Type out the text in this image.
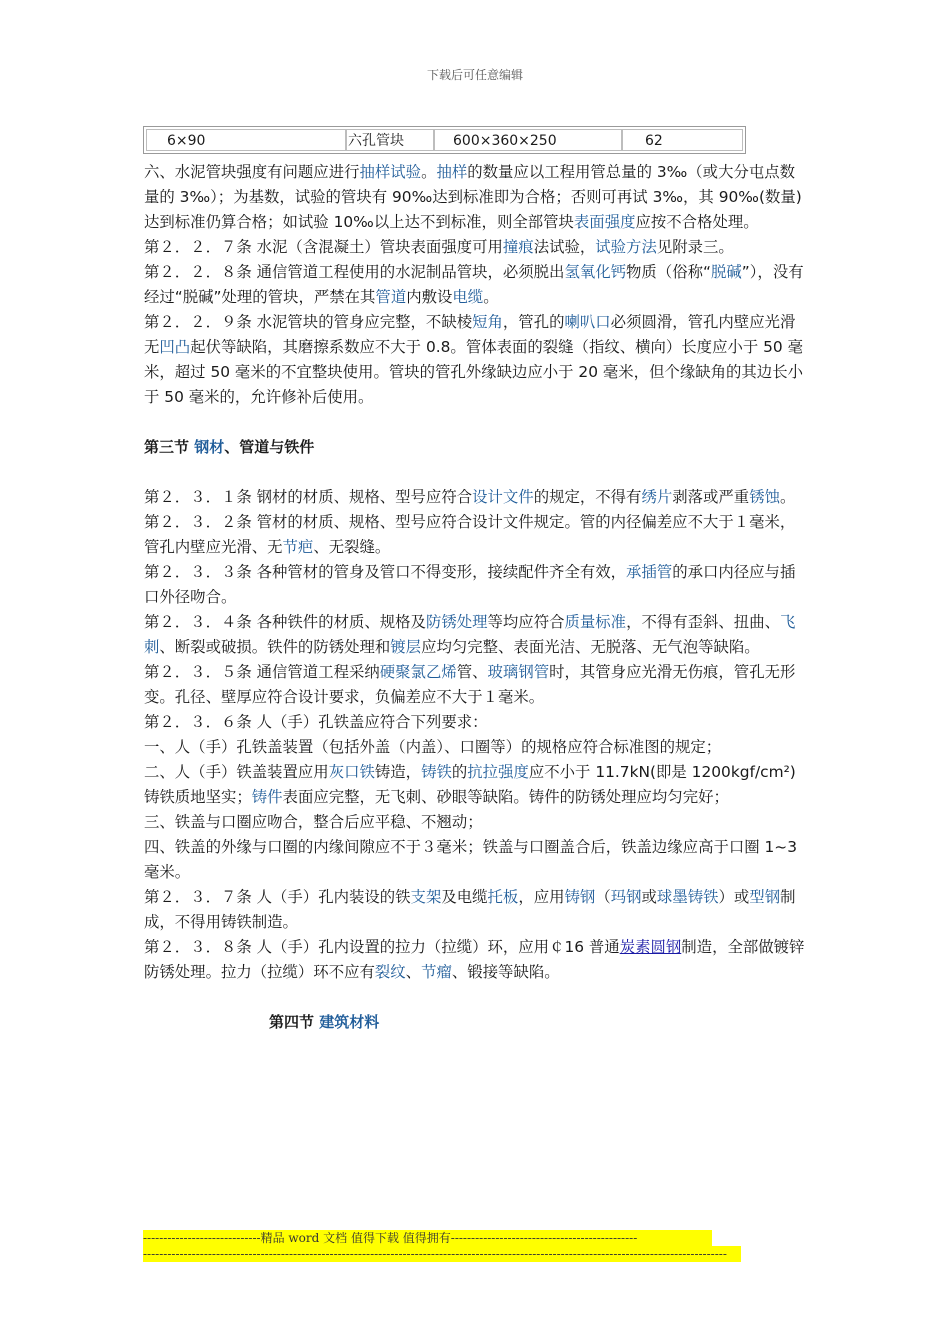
下载后可任意编辑
6×90	六孔管块	600×360×250	62

六、水泥管块强度有问题应进行抽样试验。抽样的数量应以工程用管总量的 3‰（或大分屯点数量的 3‰）；为基数，试验的管块有 90‰达到标准即为合格；否则可再试 3‰，其 90‰(数量)达到标准仍算合格；如试验 10‰以上达不到标准，则全部管块表面强度应按不合格处理。

第２．２．７条 水泥（含混凝土）管块表面强度可用撞痕法试验，试验方法见附录三。

第２．２．８条 通信管道工程使用的水泥制品管块，必须脱出氢氧化钙物质（俗称“脱碱”），没有经过“脱碱”处理的管块，严禁在其管道内敷设电缆。

第２．２．９条 水泥管块的管身应完整，不缺棱短角，管孔的喇叭口必须圆滑，管孔内壁应光滑无凹凸起伏等缺陷，其磨擦系数应不大于 0.8。管体表面的裂缝（指纹、横向）长度应小于 50 毫米，超过 50 毫米的不宜整块使用。管块的管孔外缘缺边应小于 20 毫米，但个缘缺角的其边长小于 50 毫米的，允许修补后使用。

第三节 钢材、管道与铁件

第２．３．１条 钢材的材质、规格、型号应符合设计文件的规定，不得有绣片剥落或严重锈蚀。

第２．３．２条 管材的材质、规格、型号应符合设计文件规定。管的内径偏差应不大于１毫米，管孔内壁应光滑、无节疤、无裂缝。

第２．３．３条 各种管材的管身及管口不得变形，接续配件齐全有效，承插管的承口内径应与插口外径吻合。

第２．３．４条 各种铁件的材质、规格及防锈处理等均应符合质量标准，不得有歪斜、扭曲、飞刺、断裂或破损。铁件的防锈处理和镀层应均匀完整、表面光洁、无脱落、无气泡等缺陷。

第２．３．５条 通信管道工程采纳硬聚氯乙烯管、玻璃钢管时，其管身应光滑无伤痕，管孔无形变。孔径、壁厚应符合设计要求，负偏差应不大于１毫米。

第２．３．６条 人（手）孔铁盖应符合下列要求：

一、人（手）孔铁盖装置（包括外盖（内盖）、口圈等）的规格应符合标准图的规定；

二、人（手）铁盖装置应用灰口铁铸造，铸铁的抗拉强度应不小于 11.7kN(即是 1200kgf/cm²)铸铁质地坚实；铸件表面应完整，无飞刺、砂眼等缺陷。铸件的防锈处理应均匀完好；

三、铁盖与口圈应吻合，整合后应平稳、不翘动；

四、铁盖的外缘与口圈的内缘间隙应不于３毫米；铁盖与口圈盖合后，铁盖边缘应高于口圈 1~3 毫米。

第２．３．７条 人（手）孔内装设的铁支架及电缆托板，应用铸钢（玛钢或球墨铸铁）或型钢制成，不得用铸铁制造。

第２．３．８条 人（手）孔内设置的拉力（拉缆）环，应用￠16 普通炭素圆钢制造，全部做镀锌防锈处理。拉力（拉缆）环不应有裂纹、节瘤、锻接等缺陷。

第四节 建筑材料

-----------------------------精品 word 文档 值得下载 值得拥有----------------------------------------------
------------------------------------------------------------------------------------------------------------------------------------------------
